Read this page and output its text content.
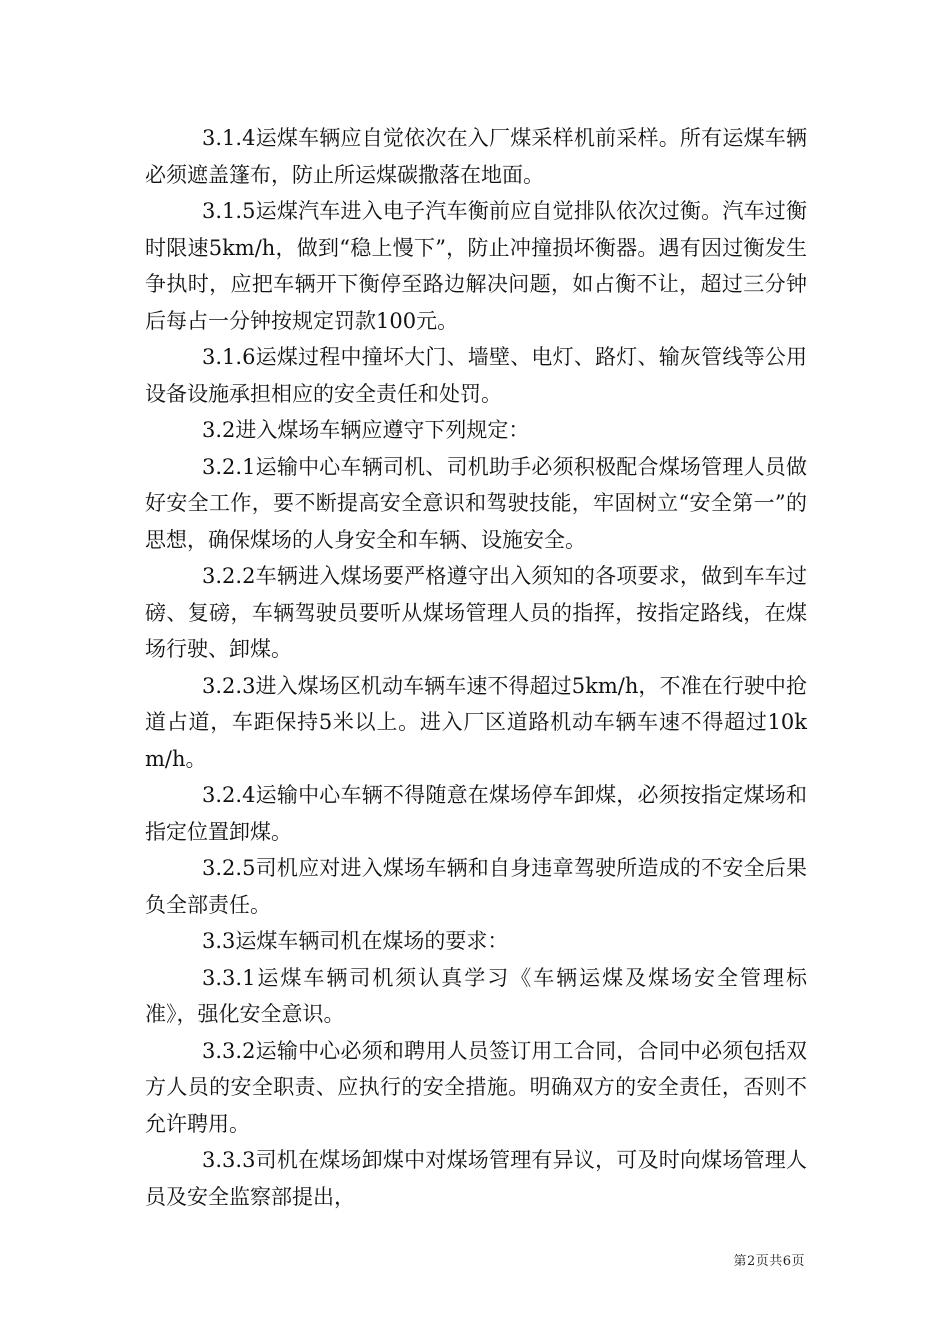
3.1.4运煤车辆应自觉依次在入厂煤采样机前采样。所有运煤车辆必须遮盖篷布，防止所运煤碳撒落在地面。

3.1.5运煤汽车进入电子汽车衡前应自觉排队依次过衡。汽车过衡时限速5km/h，做到“稳上慢下”，防止冲撞损坏衡器。遇有因过衡发生争执时，应把车辆开下衡停至路边解决问题，如占衡不让，超过三分钟后每占一分钟按规定罚款100元。

3.1.6运煤过程中撞坏大门、墙壁、电灯、路灯、输灰管线等公用设备设施承担相应的安全责任和处罚。

3.2进入煤场车辆应遵守下列规定：

3.2.1运输中心车辆司机、司机助手必须积极配合煤场管理人员做好安全工作，要不断提高安全意识和驾驶技能，牢固树立“安全第一”的思想，确保煤场的人身安全和车辆、设施安全。

3.2.2车辆进入煤场要严格遵守出入须知的各项要求，做到车车过磅、复磅，车辆驾驶员要听从煤场管理人员的指挥，按指定路线，在煤场行驶、卸煤。

3.2.3进入煤场区机动车辆车速不得超过5km/h，不准在行驶中抢道占道，车距保持5米以上。进入厂区道路机动车辆车速不得超过10km/h。

3.2.4运输中心车辆不得随意在煤场停车卸煤，必须按指定煤场和指定位置卸煤。

3.2.5司机应对进入煤场车辆和自身违章驾驶所造成的不安全后果负全部责任。

3.3运煤车辆司机在煤场的要求：

3.3.1运煤车辆司机须认真学习《车辆运煤及煤场安全管理标准》，强化安全意识。

3.3.2运输中心必须和聘用人员签订用工合同，合同中必须包括双方人员的安全职责、应执行的安全措施。明确双方的安全责任，否则不允许聘用。

3.3.3司机在煤场卸煤中对煤场管理有异议，可及时向煤场管理人员及安全监察部提出，

第2页共6页
